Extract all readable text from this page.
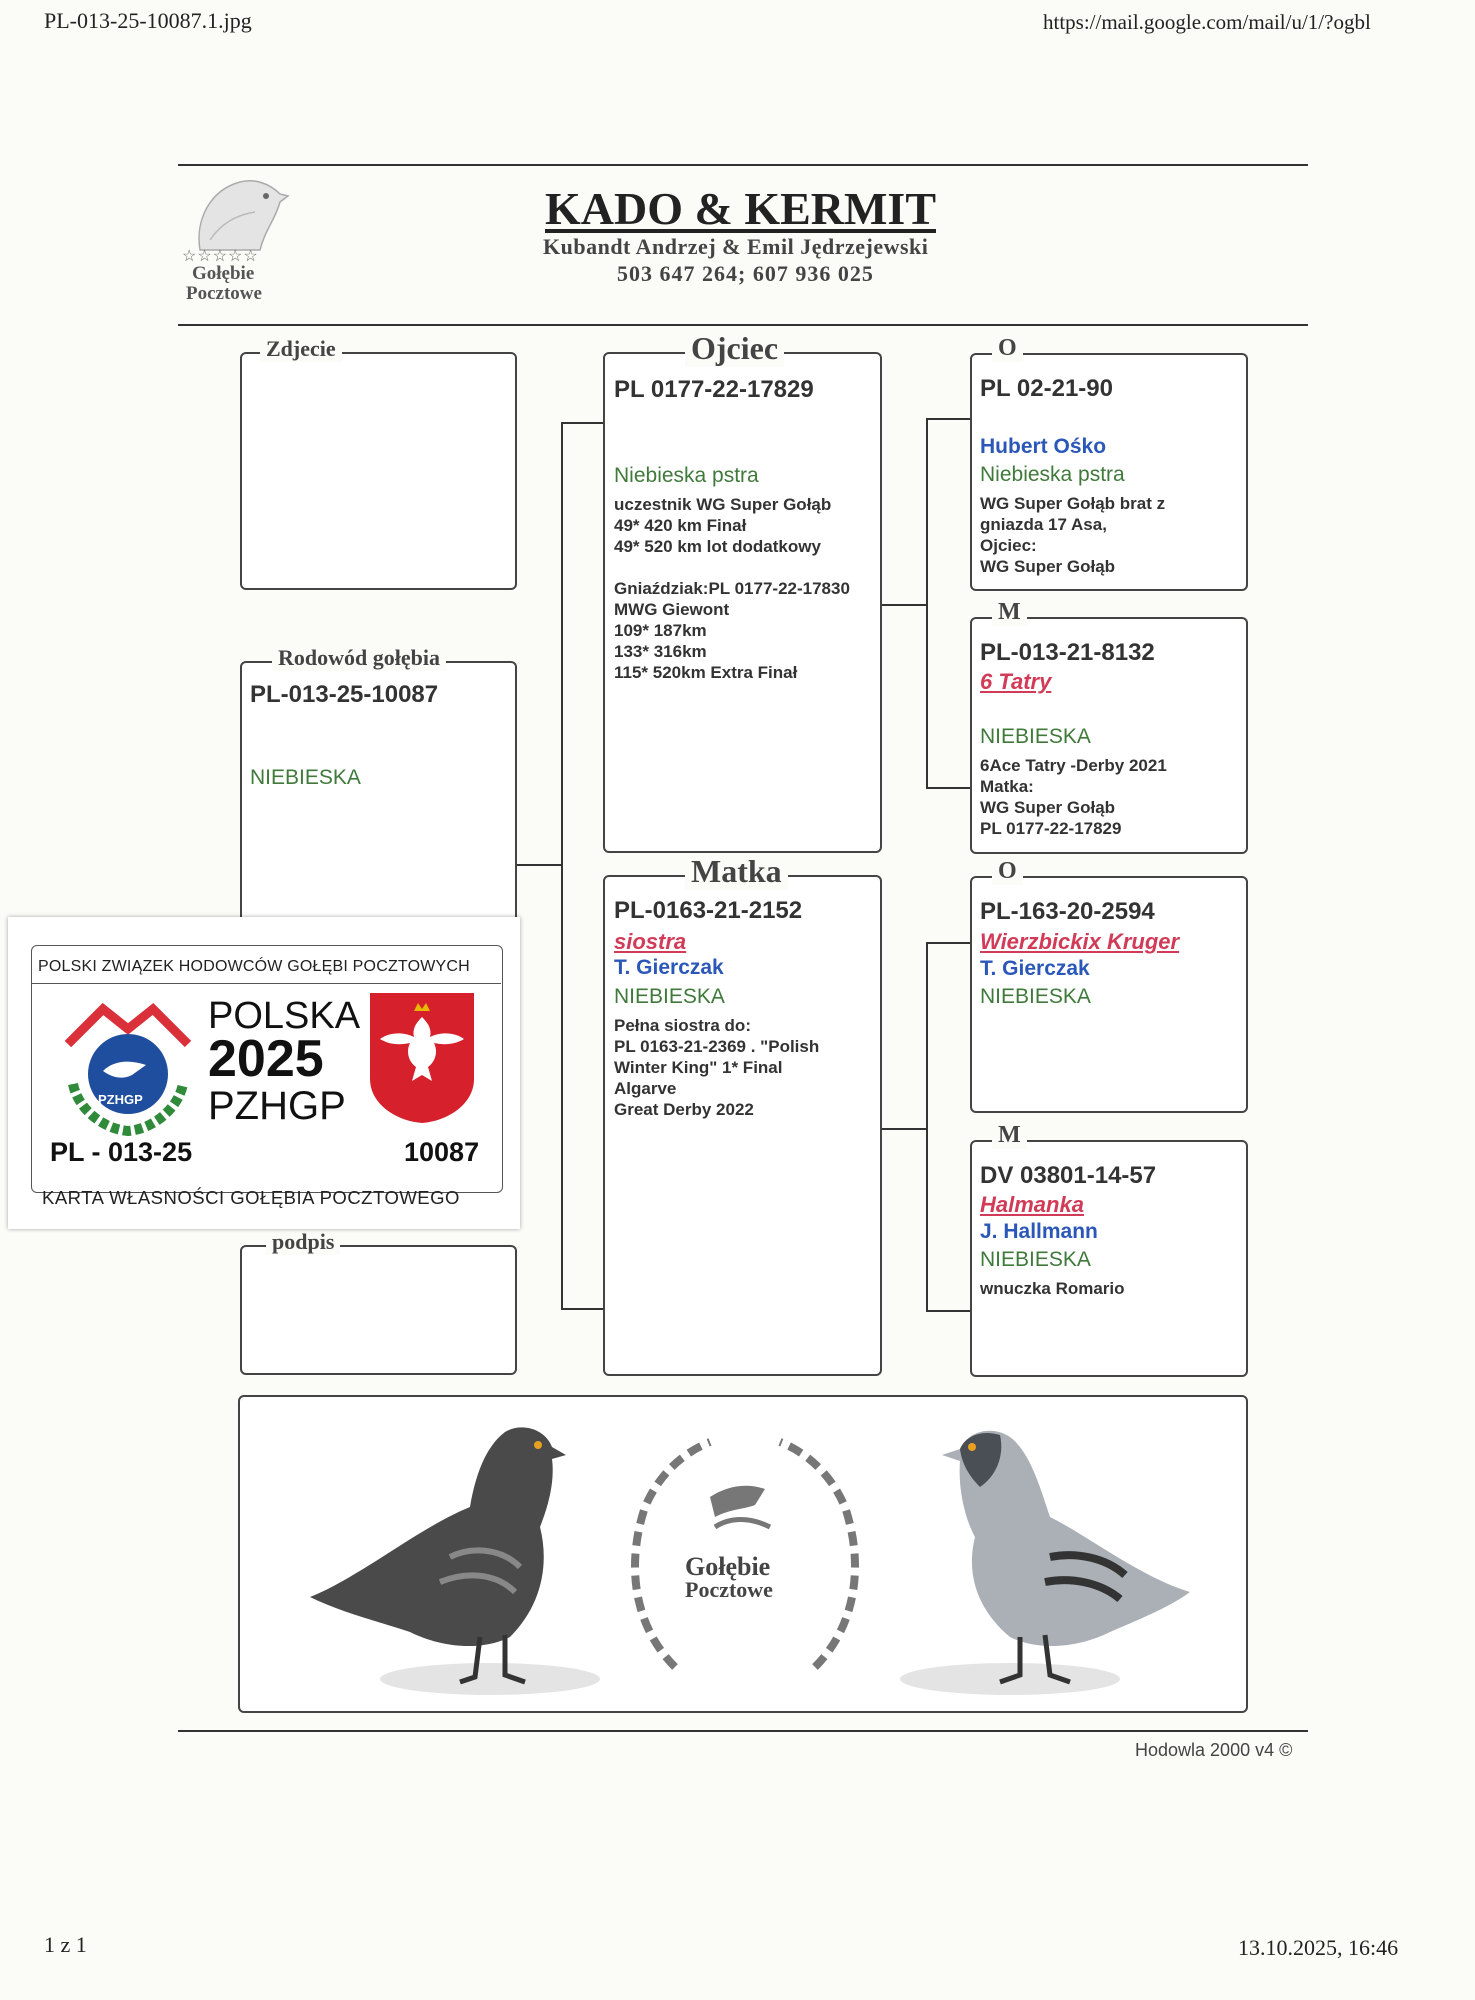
PL-013-25-10087.1.jpg	https://mail.google.com/mail/u/1/?ogbl
1 z 1	13.10.2025, 16:46
☆☆☆☆☆
Gołębie
Pocztowe
KADO & KERMIT
Kubandt Andrzej & Emil Jędrzejewski
503 647 264; 607 936 025
Zdjecie
Rodowód gołębia
PL-013-25-10087
NIEBIESKA
podpis
Ojciec
PL 0177-22-17829
Niebieska pstra
uczestnik WG Super Gołąb
49* 420 km Finał
49* 520 km lot dodatkowy

Gniaździak:PL 0177-22-17830
MWG Giewont
109* 187km
133* 316km
115* 520km Extra Finał
Matka
PL-0163-21-2152
siostra
T. Gierczak
NIEBIESKA
Pełna siostra do:
PL 0163-21-2369 . "Polish
Winter King" 1* Final
Algarve
Great Derby 2022
O
PL 02-21-90
Hubert Ośko
Niebieska pstra
WG Super Gołąb brat z
gniazda 17 Asa,
Ojciec:
WG Super Gołąb
M
PL-013-21-8132
6 Tatry
NIEBIESKA
6Ace Tatry -Derby 2021
Matka:
WG Super Gołąb
PL 0177-22-17829
O
PL-163-20-2594
Wierzbickix Kruger
T. Gierczak
NIEBIESKA
M
DV 03801-14-57
Halmanka
J. Hallmann
NIEBIESKA
wnuczka Romario
POLSKI ZWIĄZEK HODOWCÓW GOŁĘBI POCZTOWYCH
PZHGP
POLSKA
2025
PZHGP
PL - 013-25	10087
KARTA WŁASNOŚCI GOŁĘBIA POCZTOWEGO
Gołębie
Pocztowe
Hodowla 2000 v4 ©
